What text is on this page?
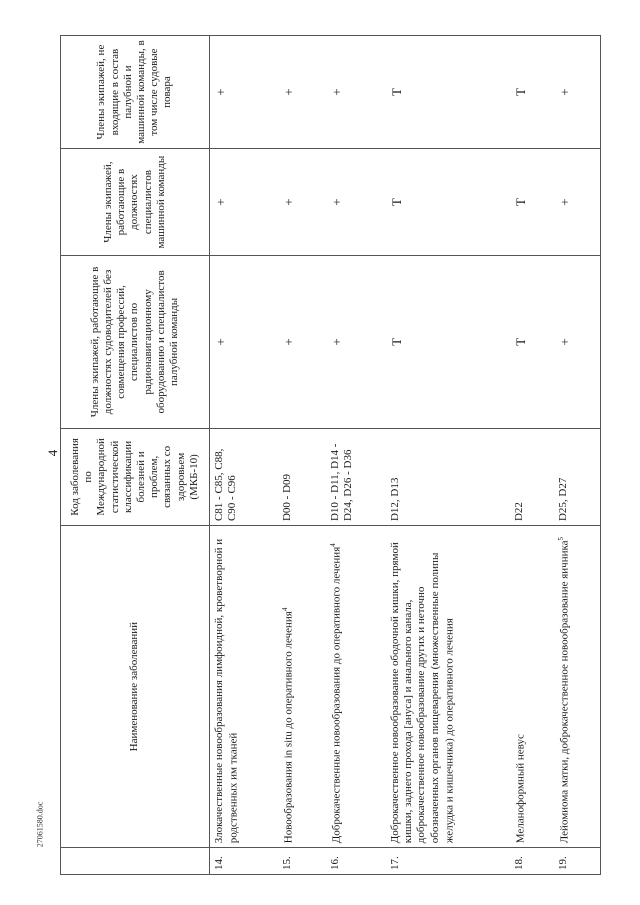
4
27061580.doc
	Наименование заболеваний	Код заболевания по Международной статистической классификации болезней и проблем, связанных со здоровьем (МКБ-10)	Члены экипажей, работающие в должностях судоводителей без совмещения профессий, специалистов по радионавигационному оборудованию и специалистов палубной команды	Члены экипажей, работающие в должностях специалистов машинной команды	Члены экипажей, не входящие в состав палубной и машинной команды, в том числе судовые повара
14.	Злокачественные новообразования лимфоидной, кроветворной и родственных им тканей	C81 - C85, C88, C90 - C96	+	+	+
15.	Новообразования in situ до оперативного лечения$^4$	D00 - D09	+	+	+
16.	Доброкачественные новообразования до оперативного лечения$^4$	D10 - D11, D14 - D24, D26 - D36	+	+	+
17.	Доброкачественное новообразование ободочной кишки, прямой кишки, заднего прохода [ануса] и анального канала, доброкачественное новообразование других и неточно обозначенных органов пищеварения (множественные полипы желудка и кишечника) до оперативного лечения	D12, D13	Т	Т	Т
18.	Меланоформный невус	D22	Т	Т	Т
19.	Лейомиома матки, доброкачественное новообразование яичника$^5$	D25, D27	+	+	+
